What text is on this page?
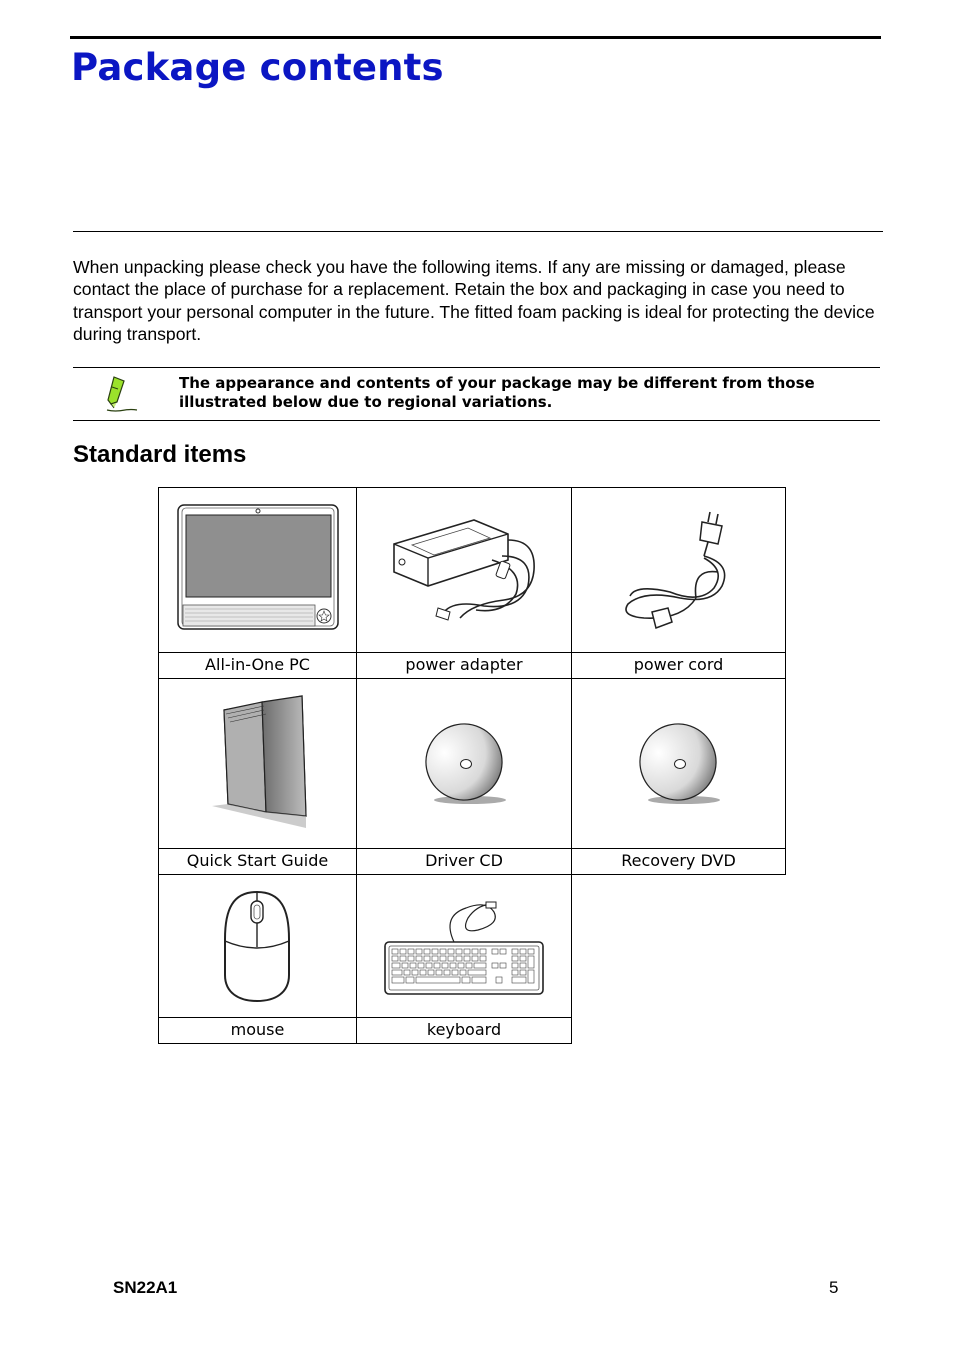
Package contents

When unpacking please check you have the following items. If any are missing or damaged, please contact the place of purchase for a replacement. Retain the box and packaging in case you need to transport your personal computer in the future. The fitted foam packing is ideal for protecting the device during transport.

The appearance and contents of your package may be different from those illustrated below due to regional variations.
Standard items
All-in-One PC	power adapter	power cord
Quick Start Guide	Driver CD	Recovery DVD
mouse	keyboard
SN22A1	5
